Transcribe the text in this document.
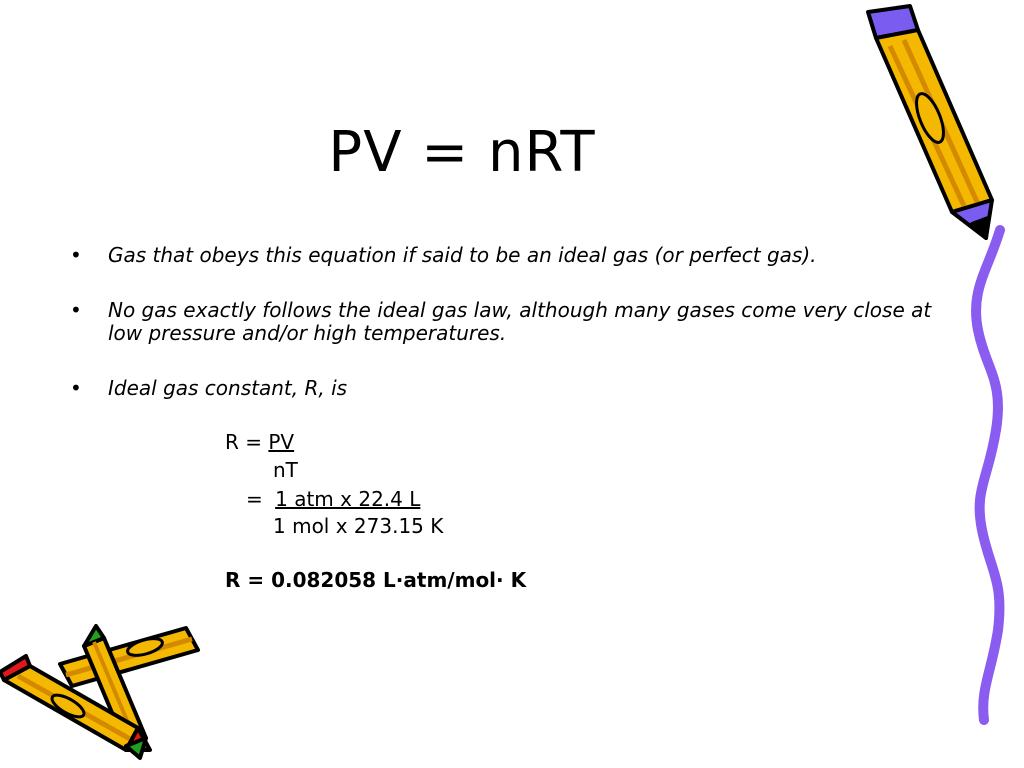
PV = nRT
• Gas that obeys this equation if said to be an ideal gas (or perfect gas).
• No gas exactly follows the ideal gas law, although many gases come very close at low pressure and/or high temperatures.
• Ideal gas constant, R, is
R = PV
nT
= 1 atm x 22.4 L
1 mol x 273.15 K
R = 0.082058 L·atm/mol· K
